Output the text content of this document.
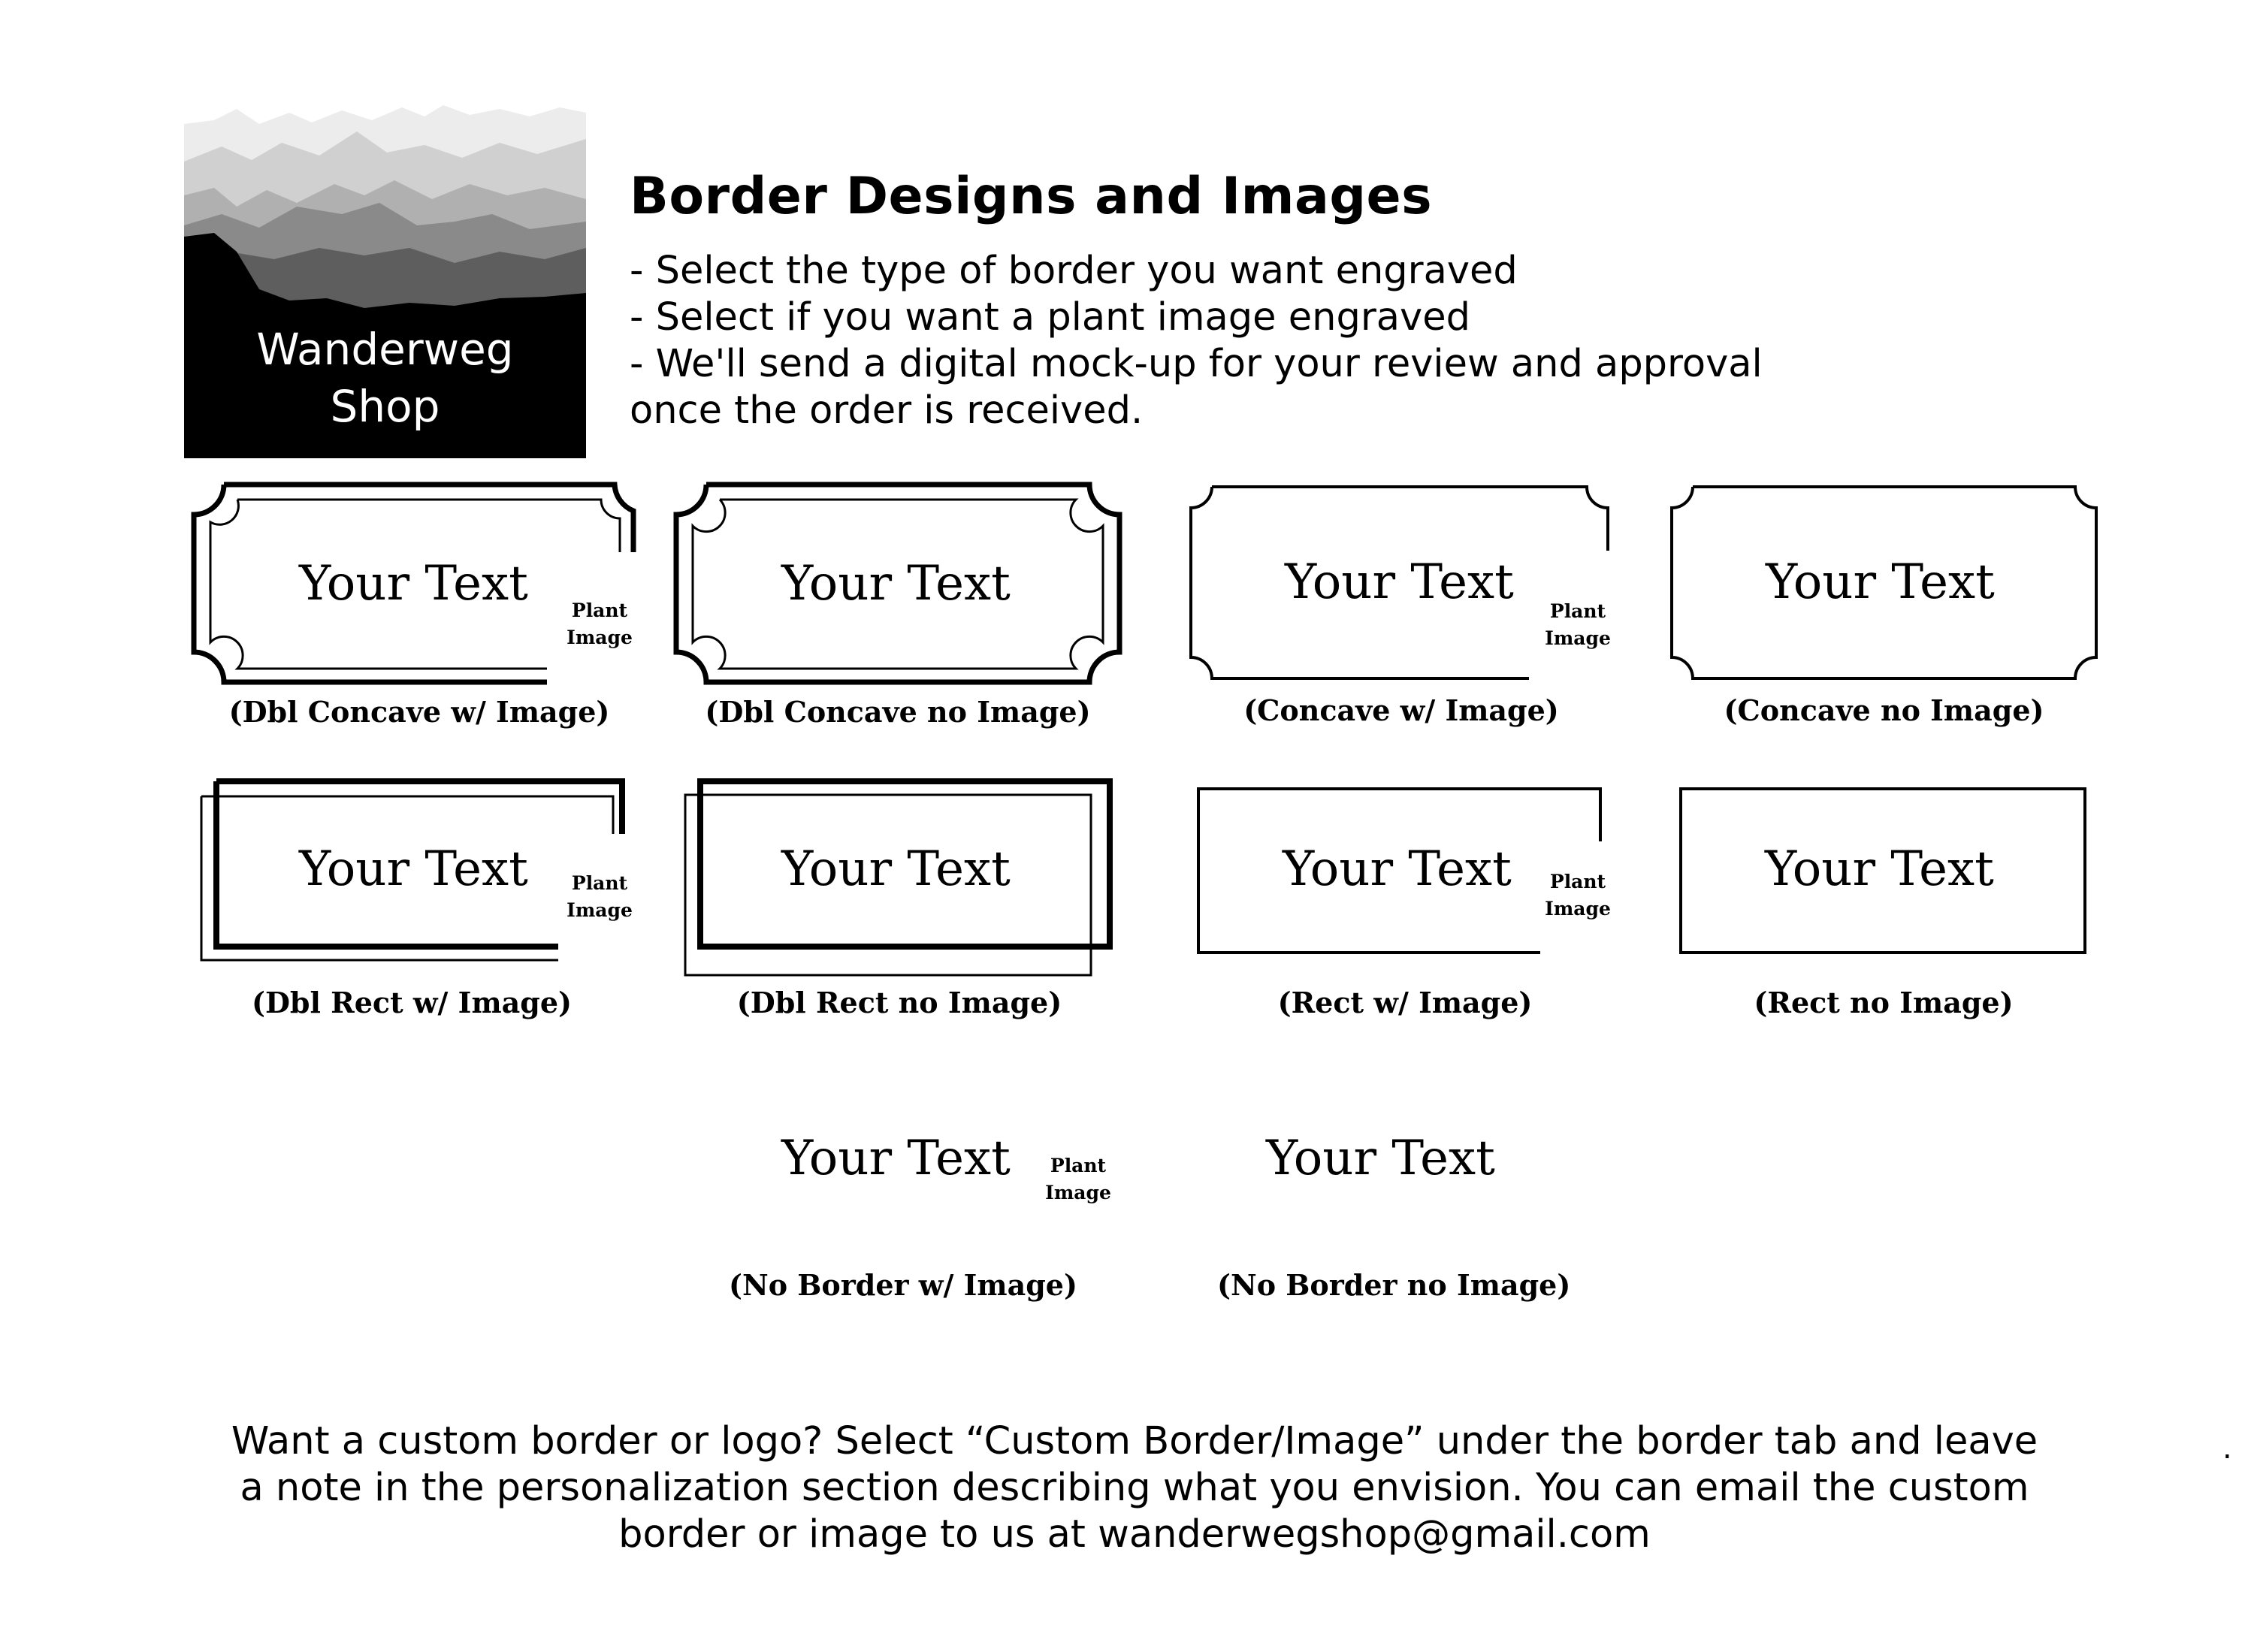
Wanderweg
Shop
Border Designs and Images
- Select the type of border you want engraved
- Select if you want a plant image engraved
- We'll send a digital mock-up for your review and approval
once the order is received.
Your Text	Plant
Image
(Dbl Concave w/ Image)
Your Text
(Dbl Concave no Image)
Your Text
Plant
Image
(Concave w/ Image)
Your Text
(Concave no Image)
Your Text	Plant
Image
(Dbl Rect w/ Image)
Your Text
(Dbl Rect no Image)
Your Text	Plant
Image
(Rect w/ Image)
Your Text
(Rect no Image)
Your Text	Plant
Image
(No Border w/ Image)
Your Text
(No Border no Image)
Want a custom border or logo? Select “Custom Border/Image” under the border tab and leave
a note in the personalization section describing what you envision. You can email the custom
border or image to us at wanderwegshop@gmail.com
.
